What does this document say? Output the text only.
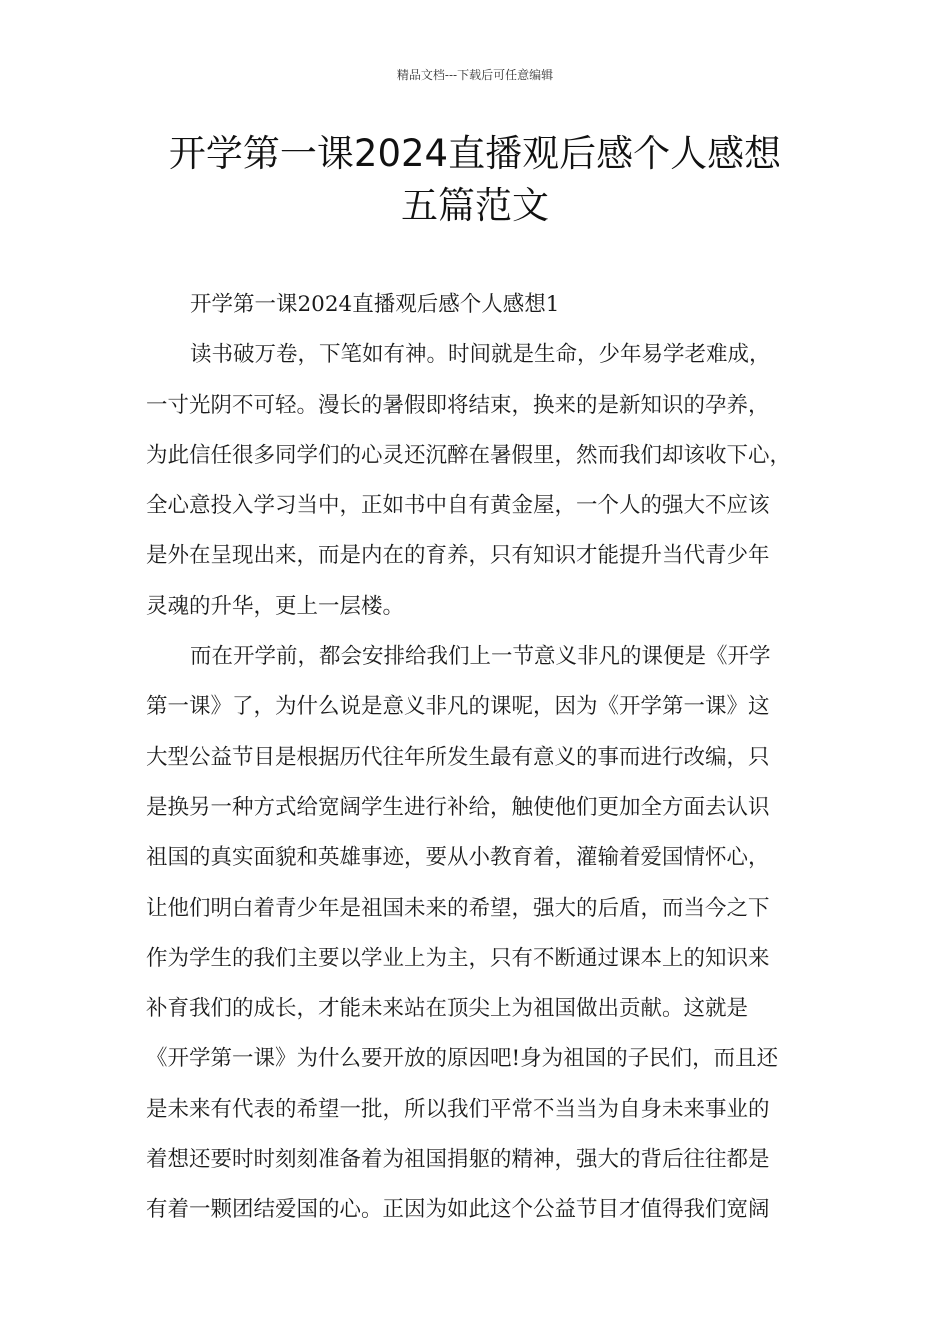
精品文档---下载后可任意编辑
开学第一课2024直播观后感个人感想
五篇范文
开学第一课2024直播观后感个人感想1
读书破万卷，下笔如有神。时间就是生命，少年易学老难成，
一寸光阴不可轻。漫长的暑假即将结束，换来的是新知识的孕养，
为此信任很多同学们的心灵还沉醉在暑假里，然而我们却该收下心，
全心意投入学习当中，正如书中自有黄金屋，一个人的强大不应该
是外在呈现出来，而是内在的育养，只有知识才能提升当代青少年
灵魂的升华，更上一层楼。
而在开学前，都会安排给我们上一节意义非凡的课便是《开学
第一课》了，为什么说是意义非凡的课呢，因为《开学第一课》这
大型公益节目是根据历代往年所发生最有意义的事而进行改编，只
是换另一种方式给宽阔学生进行补给，触使他们更加全方面去认识
祖国的真实面貌和英雄事迹，要从小教育着，灌输着爱国情怀心，
让他们明白着青少年是祖国未来的希望，强大的后盾，而当今之下
作为学生的我们主要以学业上为主，只有不断通过课本上的知识来
补育我们的成长，才能未来站在顶尖上为祖国做出贡献。这就是
《开学第一课》为什么要开放的原因吧!身为祖国的子民们，而且还
是未来有代表的希望一批，所以我们平常不当当为自身未来事业的
着想还要时时刻刻准备着为祖国捐躯的精神，强大的背后往往都是
有着一颗团结爱国的心。正因为如此这个公益节目才值得我们宽阔
